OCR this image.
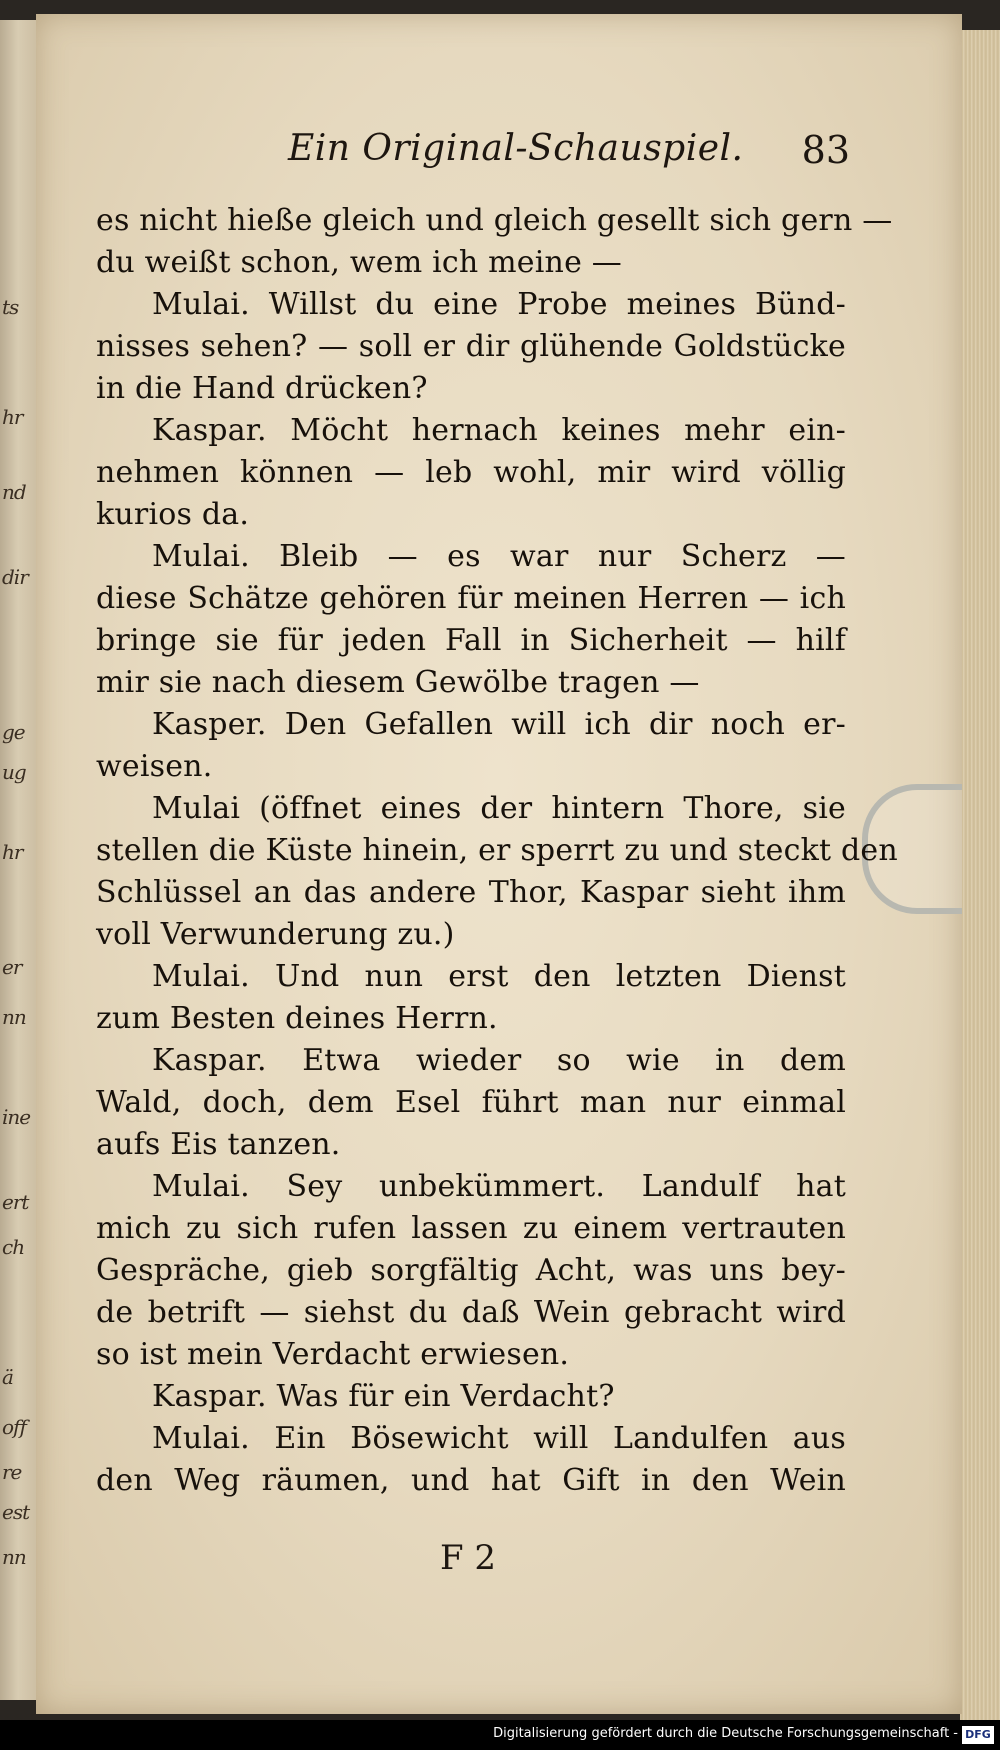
ts
hr
nd
dir
ge
ug
hr
er
nn
ine
ert
ch
ä
off
re
est
nn
Ein Original-Schauspiel. 83
es nicht hieße gleich und gleich gesellt sich gern —
du weißt schon, wem ich meine —
Mulai. Willst du eine Probe meines Bünd-
nisses sehen? — soll er dir glühende Goldstücke
in die Hand drücken?
Kaspar. Möcht hernach keines mehr ein-
nehmen können — leb wohl, mir wird völlig
kurios da.
Mulai. Bleib — es war nur Scherz —
diese Schätze gehören für meinen Herren — ich
bringe sie für jeden Fall in Sicherheit — hilf
mir sie nach diesem Gewölbe tragen —
Kasper. Den Gefallen will ich dir noch er-
weisen.
Mulai (öffnet eines der hintern Thore, sie
stellen die Küste hinein, er sperrt zu und steckt den
Schlüssel an das andere Thor, Kaspar sieht ihm
voll Verwunderung zu.)
Mulai. Und nun erst den letzten Dienst
zum Besten deines Herrn.
Kaspar. Etwa wieder so wie in dem
Wald, doch, dem Esel führt man nur einmal
aufs Eis tanzen.
Mulai. Sey unbekümmert. Landulf hat
mich zu sich rufen lassen zu einem vertrauten
Gespräche, gieb sorgfältig Acht, was uns bey-
de betrift — siehst du daß Wein gebracht wird
so ist mein Verdacht erwiesen.
Kaspar. Was für ein Verdacht?
Mulai. Ein Bösewicht will Landulfen aus
den Weg räumen, und hat Gift in den Wein
F 2
Digitalisierung gefördert durch die Deutsche Forschungsgemeinschaft - DFG
